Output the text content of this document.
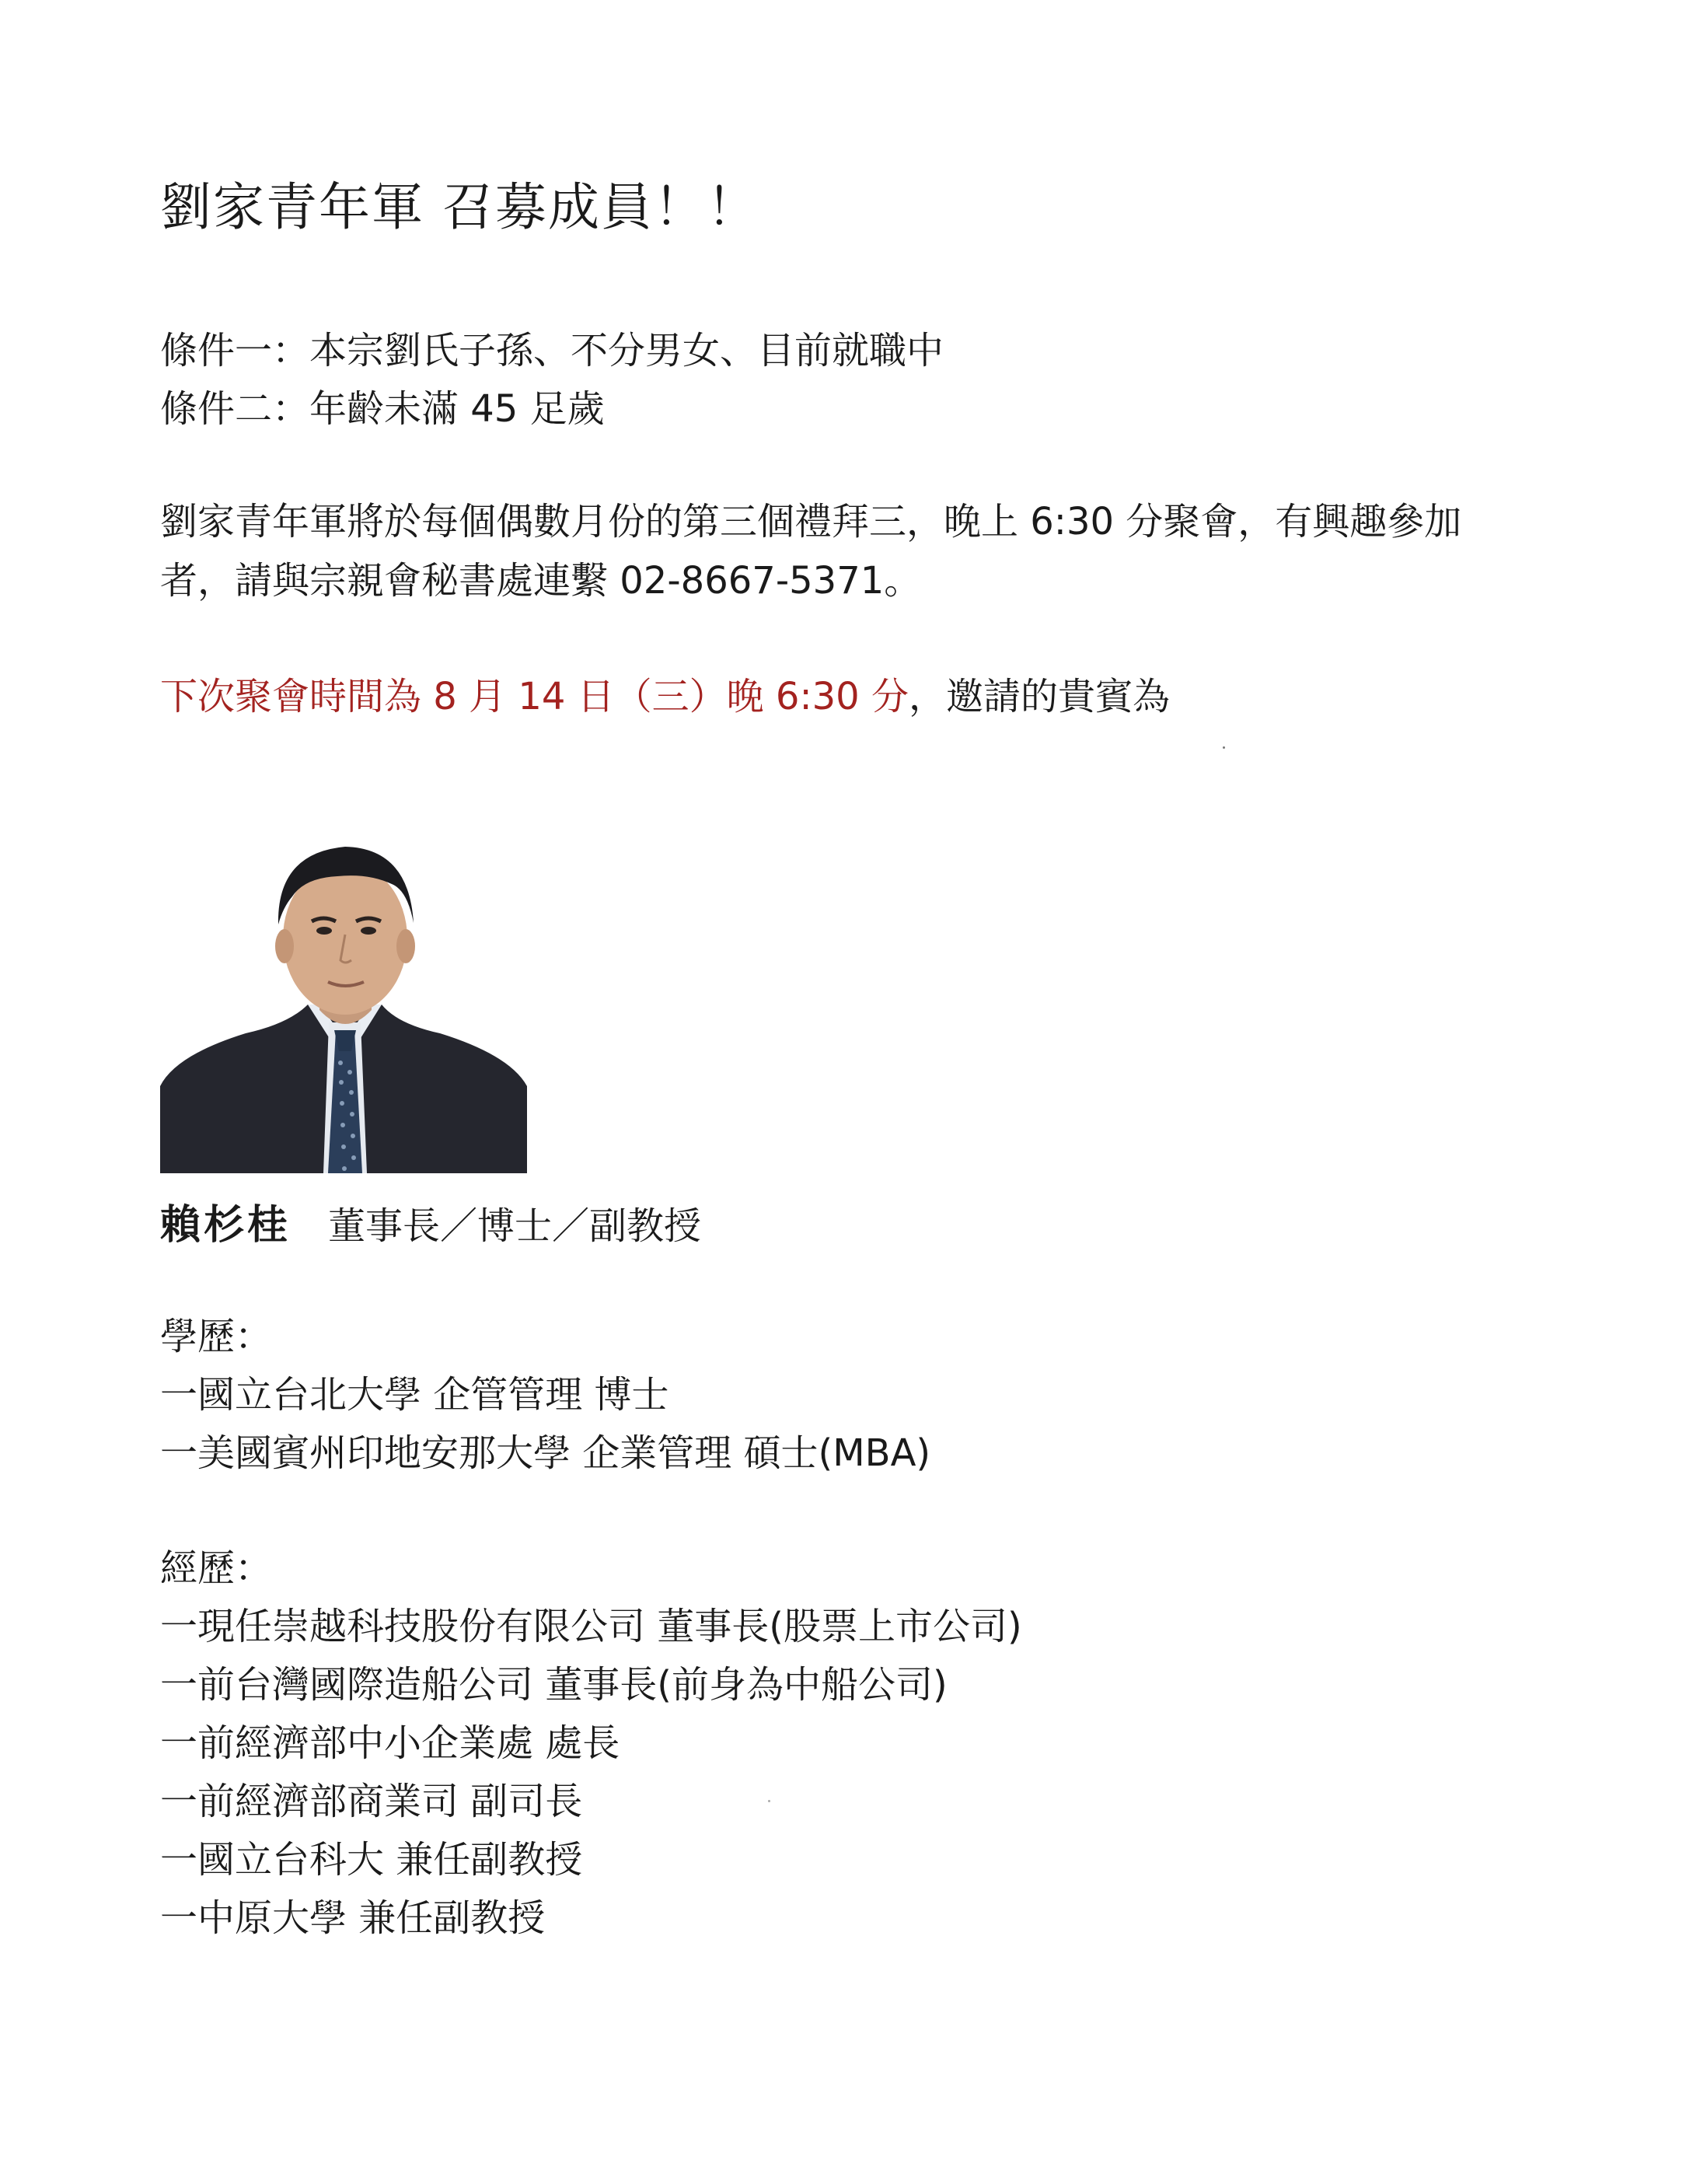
劉家青年軍 召募成員！！
條件一：本宗劉氏子孫、不分男女、目前就職中
條件二：年齡未滿 45 足歲
劉家青年軍將於每個偶數月份的第三個禮拜三，晚上 6:30 分聚會，有興趣參加
者，請與宗親會秘書處連繫 02-8667-5371。
下次聚會時間為 8 月 14 日（三）晚 6:30 分，邀請的貴賓為
賴杉桂 董事長／博士／副教授
學歷：
一國立台北大學 企管管理 博士
一美國賓州印地安那大學 企業管理 碩士(MBA)
經歷：
一現任崇越科技股份有限公司 董事長(股票上市公司)
一前台灣國際造船公司 董事長(前身為中船公司)
一前經濟部中小企業處 處長
一前經濟部商業司 副司長
一國立台科大 兼任副教授
一中原大學 兼任副教授
